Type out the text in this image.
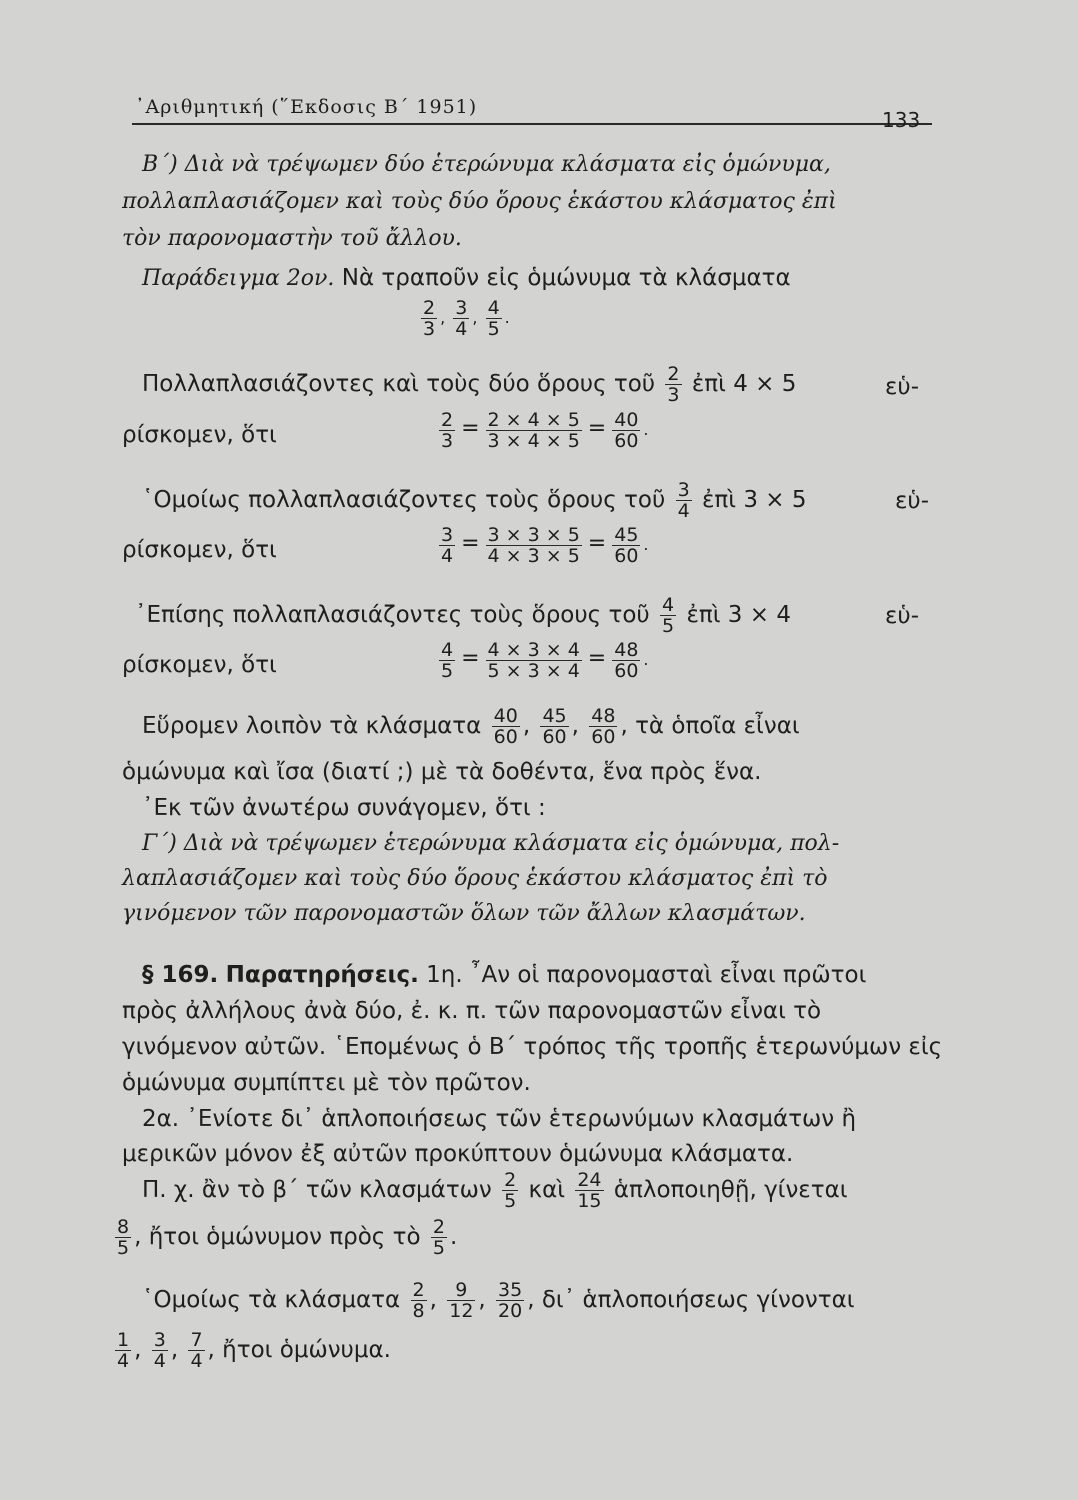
᾿Αριθμητική (῞Εκδοσις Β΄ 1951)
133
Β΄) Διὰ νὰ τρέψωμεν δύο ἑτερώνυμα κλάσματα εἰς ὁμώνυμα,
πολλαπλασιάζομεν καὶ τοὺς δύο ὅρους ἑκάστου κλάσματος ἐπὶ
τὸν παρονομαστὴν τοῦ ἄλλου.
Παράδειγμα 2ον. Νὰ τραποῦν εἰς ὁμώνυμα τὰ κλάσματα
$\frac{2}{3}$ , $\frac{3}{4}$ , $\frac{4}{5}$ .
Πολλαπλασιάζοντες καὶ τοὺς δύο ὅρους τοῦ $\frac{2}{3}$ ἐπὶ 4 × 5	εὑ-
ρίσκομεν, ὅτι	$\frac{2}{3} = \frac{2 \times 4 \times 5}{3 \times 4 \times 5} = \frac{40}{60}$ .
῾Ομοίως πολλαπλασιάζοντες τοὺς ὅρους τοῦ $\frac{3}{4}$ ἐπὶ 3 × 5	εὑ-
ρίσκομεν, ὅτι	$\frac{3}{4} = \frac{3 \times 3 \times 5}{4 \times 3 \times 5} = \frac{45}{60}$ .
᾿Επίσης πολλαπλασιάζοντες τοὺς ὅρους τοῦ $\frac{4}{5}$ ἐπὶ 3 × 4	εὑ-
ρίσκομεν, ὅτι	$\frac{4}{5} = \frac{4 \times 3 \times 4}{5 \times 3 \times 4} = \frac{48}{60}$ .
Εὕρομεν λοιπὸν τὰ κλάσματα $\frac{40}{60}$ , $\frac{45}{60}$ , $\frac{48}{60}$ , τὰ ὁποῖα εἶναι
ὁμώνυμα καὶ ἴσα (διατί ;) μὲ τὰ δοθέντα, ἕνα πρὸς ἕνα.
᾿Εκ τῶν ἀνωτέρω συνάγομεν, ὅτι :
Γ΄) Διὰ νὰ τρέψωμεν ἑτερώνυμα κλάσματα εἰς ὁμώνυμα, πολ-
λαπλασιάζομεν καὶ τοὺς δύο ὅρους ἑκάστου κλάσματος ἐπὶ τὸ
γινόμενον τῶν παρονομαστῶν ὅλων τῶν ἄλλων κλασμάτων.
§ 169. Παρατηρήσεις. 1η. ῏Αν οἱ παρονομασταὶ εἶναι πρῶτοι
πρὸς ἀλλήλους ἀνὰ δύο, ἐ. κ. π. τῶν παρονομαστῶν εἶναι τὸ
γινόμενον αὐτῶν. ῾Επομένως ὁ Β΄ τρόπος τῆς τροπῆς ἑτερωνύμων εἰς
ὁμώνυμα συμπίπτει μὲ τὸν πρῶτον.
2α. ᾿Ενίοτε δι᾿ ἁπλοποιήσεως τῶν ἑτερωνύμων κλασμάτων ἢ
μερικῶν μόνον ἐξ αὐτῶν προκύπτουν ὁμώνυμα κλάσματα.
Π. χ. ἂν τὸ β΄ τῶν κλασμάτων $\frac{2}{5}$ καὶ $\frac{24}{15}$ ἁπλοποιηθῇ, γίνεται
$\frac{8}{5}$ , ἤτοι ὁμώνυμον πρὸς τὸ $\frac{2}{5}$ .
῾Ομοίως τὰ κλάσματα $\frac{2}{8}$ , $\frac{9}{12}$ , $\frac{35}{20}$ , δι᾿ ἁπλοποιήσεως γίνονται
$\frac{1}{4}$ , $\frac{3}{4}$ , $\frac{7}{4}$ , ἤτοι ὁμώνυμα.
